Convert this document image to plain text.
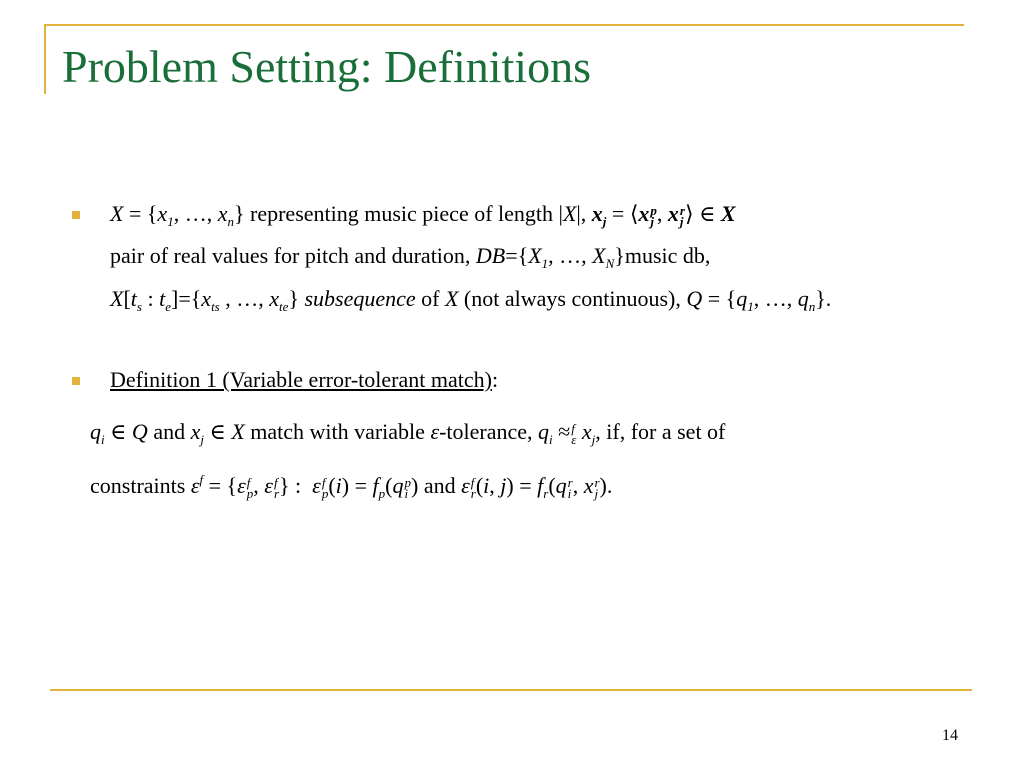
Problem Setting: Definitions
$X = \{x_1$, …, $x_n$} representing music piece of length |X|, $x_j$ = ⟨x p
j , x r
j ⟩ ∈ X
pair of real values for pitch and duration, $DB=\{X_1$, …, $X_N\}music$ db,
$X[t_s$ : $t_e]=\{x_{ts}$ , …, $x_{te}$} subsequence of X (not always continuous), $Q = \{q_1$, …, $q_n$}.
Definition 1 (Variable error-tolerant match):
$q_i$ ∈ Q and $x_j$ ∈ X match with variable ε-tolerance, $q_i \approx f$
ε $x_j$, if, for a set of
constraints $\varepsilon^f = \{\varepsilon$ f
p , ε f
r } :  ε f
p $(i) = f_p(q$ p
i ) and ε f
r (i, $j) = f_r(q$ r
i , x r
j ).
14
